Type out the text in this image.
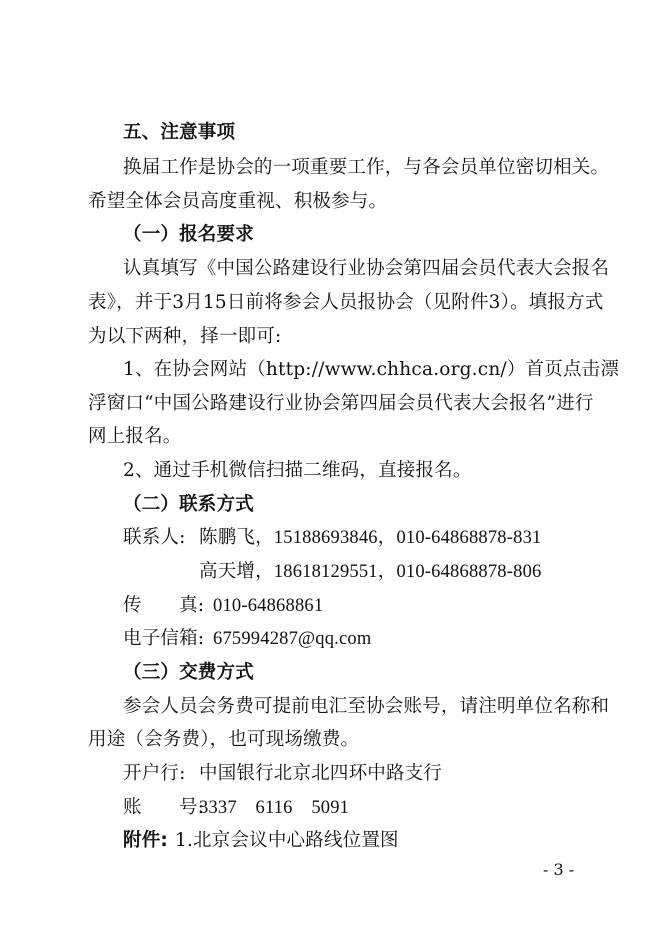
五、注意事项
换届工作是协会的一项重要工作，与各会员单位密切相关。
希望全体会员高度重视、积极参与。
（一）报名要求
认真填写《中国公路建设行业协会第四届会员代表大会报名
表》，并于3月15日前将参会人员报协会（见附件3）。填报方式
为以下两种，择一即可:
1、在协会网站（http://www.chhca.org.cn/）首页点击漂
浮窗口“中国公路建设行业协会第四届会员代表大会报名”进行
网上报名。
2、通过手机微信扫描二维码，直接报名。
（二）联系方式
联系人: 陈鹏飞，15188693846，010-64868878-831
高天增，18618129551，010-64868878-806
传　　真: 010-64868861
电子信箱: 675994287@qq.com
（三）交费方式
参会人员会务费可提前电汇至协会账号，请注明单位名称和
用途（会务费），也可现场缴费。
开户行: 中国银行北京北四环中路支行
账　　号:
3337　6116　5091
附件: 1.北京会议中心路线位置图
- 3 -
